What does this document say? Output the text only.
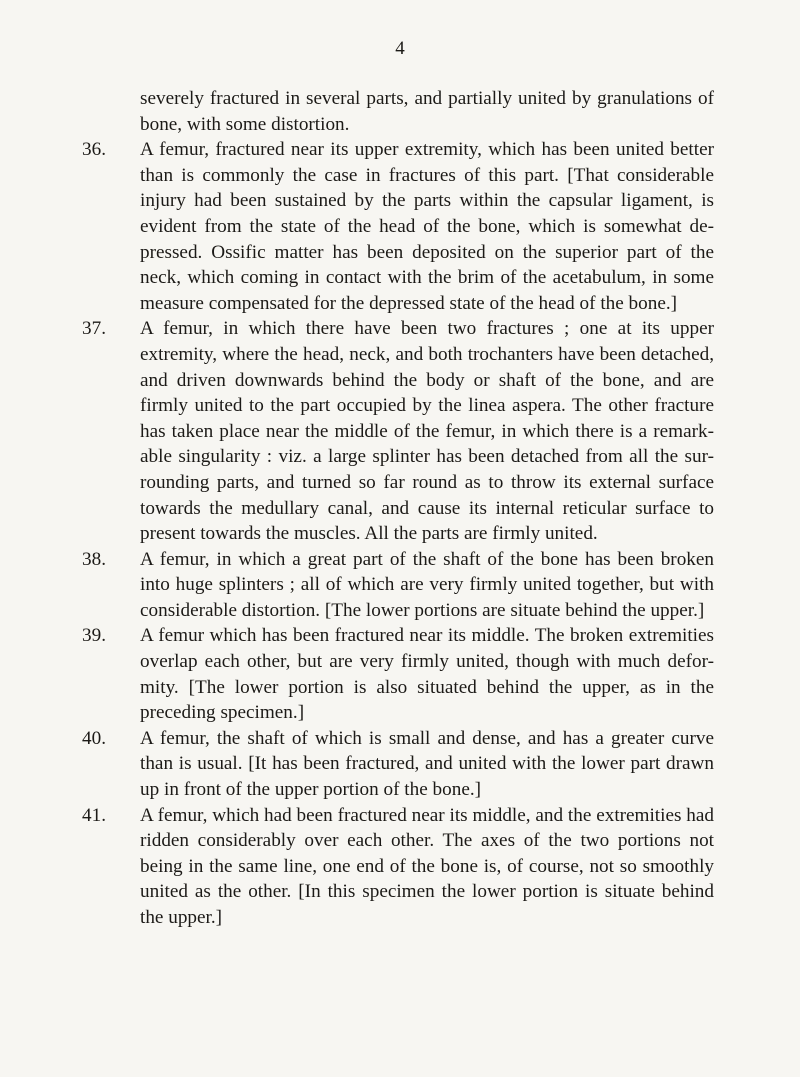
4

severely fractured in several parts, and partially united by granulations of bone, with some distortion.

36.	A femur, fractured near its upper extremity, which has been united better than is commonly the case in fractures of this part. [That considerable injury had been sustained by the parts within the capsular ligament, is evident from the state of the head of the bone, which is somewhat de- pressed. Ossific matter has been deposited on the superior part of the neck, which coming in contact with the brim of the acetabulum, in some measure compensated for the depressed state of the head of the bone.]
37.	A femur, in which there have been two fractures ; one at its upper extremity, where the head, neck, and both trochanters have been detached, and driven downwards behind the body or shaft of the bone, and are firmly united to the part occupied by the linea aspera. The other fracture has taken place near the middle of the femur, in which there is a remark- able singularity : viz. a large splinter has been detached from all the sur- rounding parts, and turned so far round as to throw its external surface towards the medullary canal, and cause its internal reticular surface to present towards the muscles. All the parts are firmly united.
38.	A femur, in which a great part of the shaft of the bone has been broken into huge splinters ; all of which are very firmly united together, but with considerable distortion. [The lower portions are situate behind the upper.]
39.	A femur which has been fractured near its middle. The broken extremities overlap each other, but are very firmly united, though with much defor- mity. [The lower portion is also situated behind the upper, as in the preceding specimen.]
40.	A femur, the shaft of which is small and dense, and has a greater curve than is usual. [It has been fractured, and united with the lower part drawn up in front of the upper portion of the bone.]
41.	A femur, which had been fractured near its middle, and the extremities had ridden considerably over each other. The axes of the two portions not being in the same line, one end of the bone is, of course, not so smoothly united as the other. [In this specimen the lower portion is situate behind the upper.]
